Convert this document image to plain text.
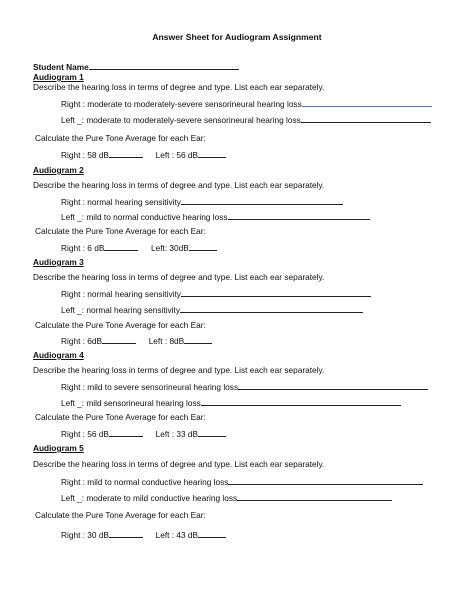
Answer Sheet for Audiogram Assignment
Student Name
Audiogram 1
Describe the hearing loss in terms of degree and type. List each ear separately.
Right : moderate to moderately-severe sensorineural hearing loss
Left _: moderate to moderately-severe sensorineural hearing loss
Calculate the Pure Tone Average for each Ear:
Right : 58 dB	Left : 56 dB
Audiogram 2
Describe the hearing loss in terms of degree and type. List each ear separately.
Right : normal hearing sensitivity
Left _: mild to normal conductive hearing loss
Calculate the Pure Tone Average for each Ear:
Right : 6 dB	Left: 30dB
Audiogram 3
Describe the hearing loss in terms of degree and type. List each ear separately.
Right : normal hearing sensitivity
Left _: normal hearing sensitivity
Calculate the Pure Tone Average for each Ear:
Right : 6dB	Left : 8dB
Audiogram 4
Describe the hearing loss in terms of degree and type. List each ear separately.
Right : mild to severe sensorineural hearing loss
Left _: mild sensorineural hearing loss
Calculate the Pure Tone Average for each Ear:
Right : 56 dB	Left : 33 dB
Audiogram 5
Describe the hearing loss in terms of degree and type. List each ear separately.
Right : mild to normal conductive hearing loss
Left _: moderate to mild conductive hearing loss
Calculate the Pure Tone Average for each Ear:
Right : 30 dB	Left : 43 dB
